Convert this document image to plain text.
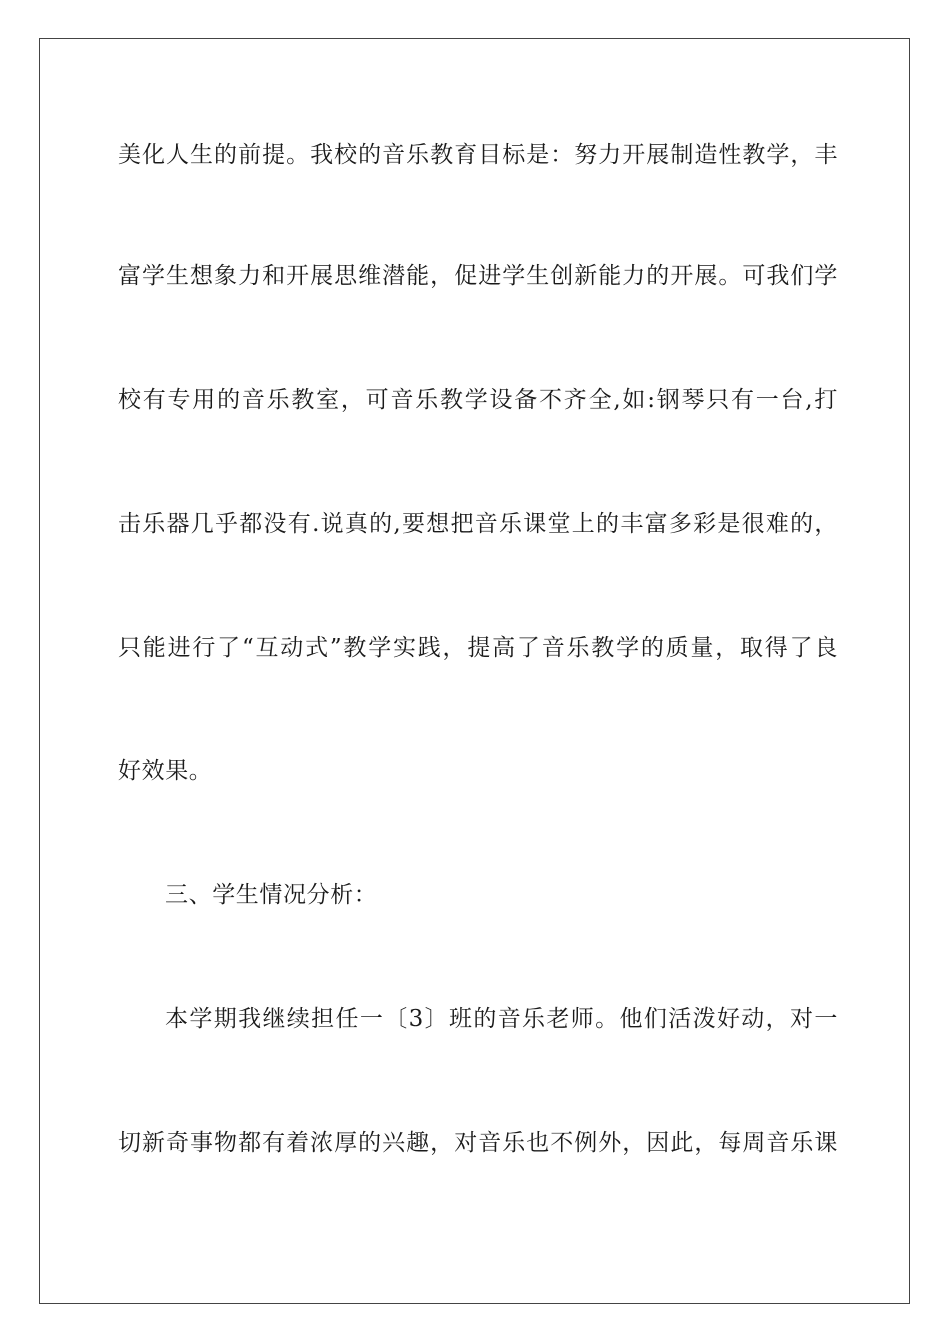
美化人生的前提。我校的音乐教育目标是：努力开展制造性教学，丰
富学生想象力和开展思维潜能，促进学生创新能力的开展。可我们学
校有专用的音乐教室，可音乐教学设备不齐全,如:钢琴只有一台,打
击乐器几乎都没有.说真的,要想把音乐课堂上的丰富多彩是很难的，
只能进行了“互动式”教学实践，提高了音乐教学的质量，取得了良
好效果。
三、学生情况分析：
本学期我继续担任一〔3〕班的音乐老师。他们活泼好动，对一
切新奇事物都有着浓厚的兴趣，对音乐也不例外，因此，每周音乐课
